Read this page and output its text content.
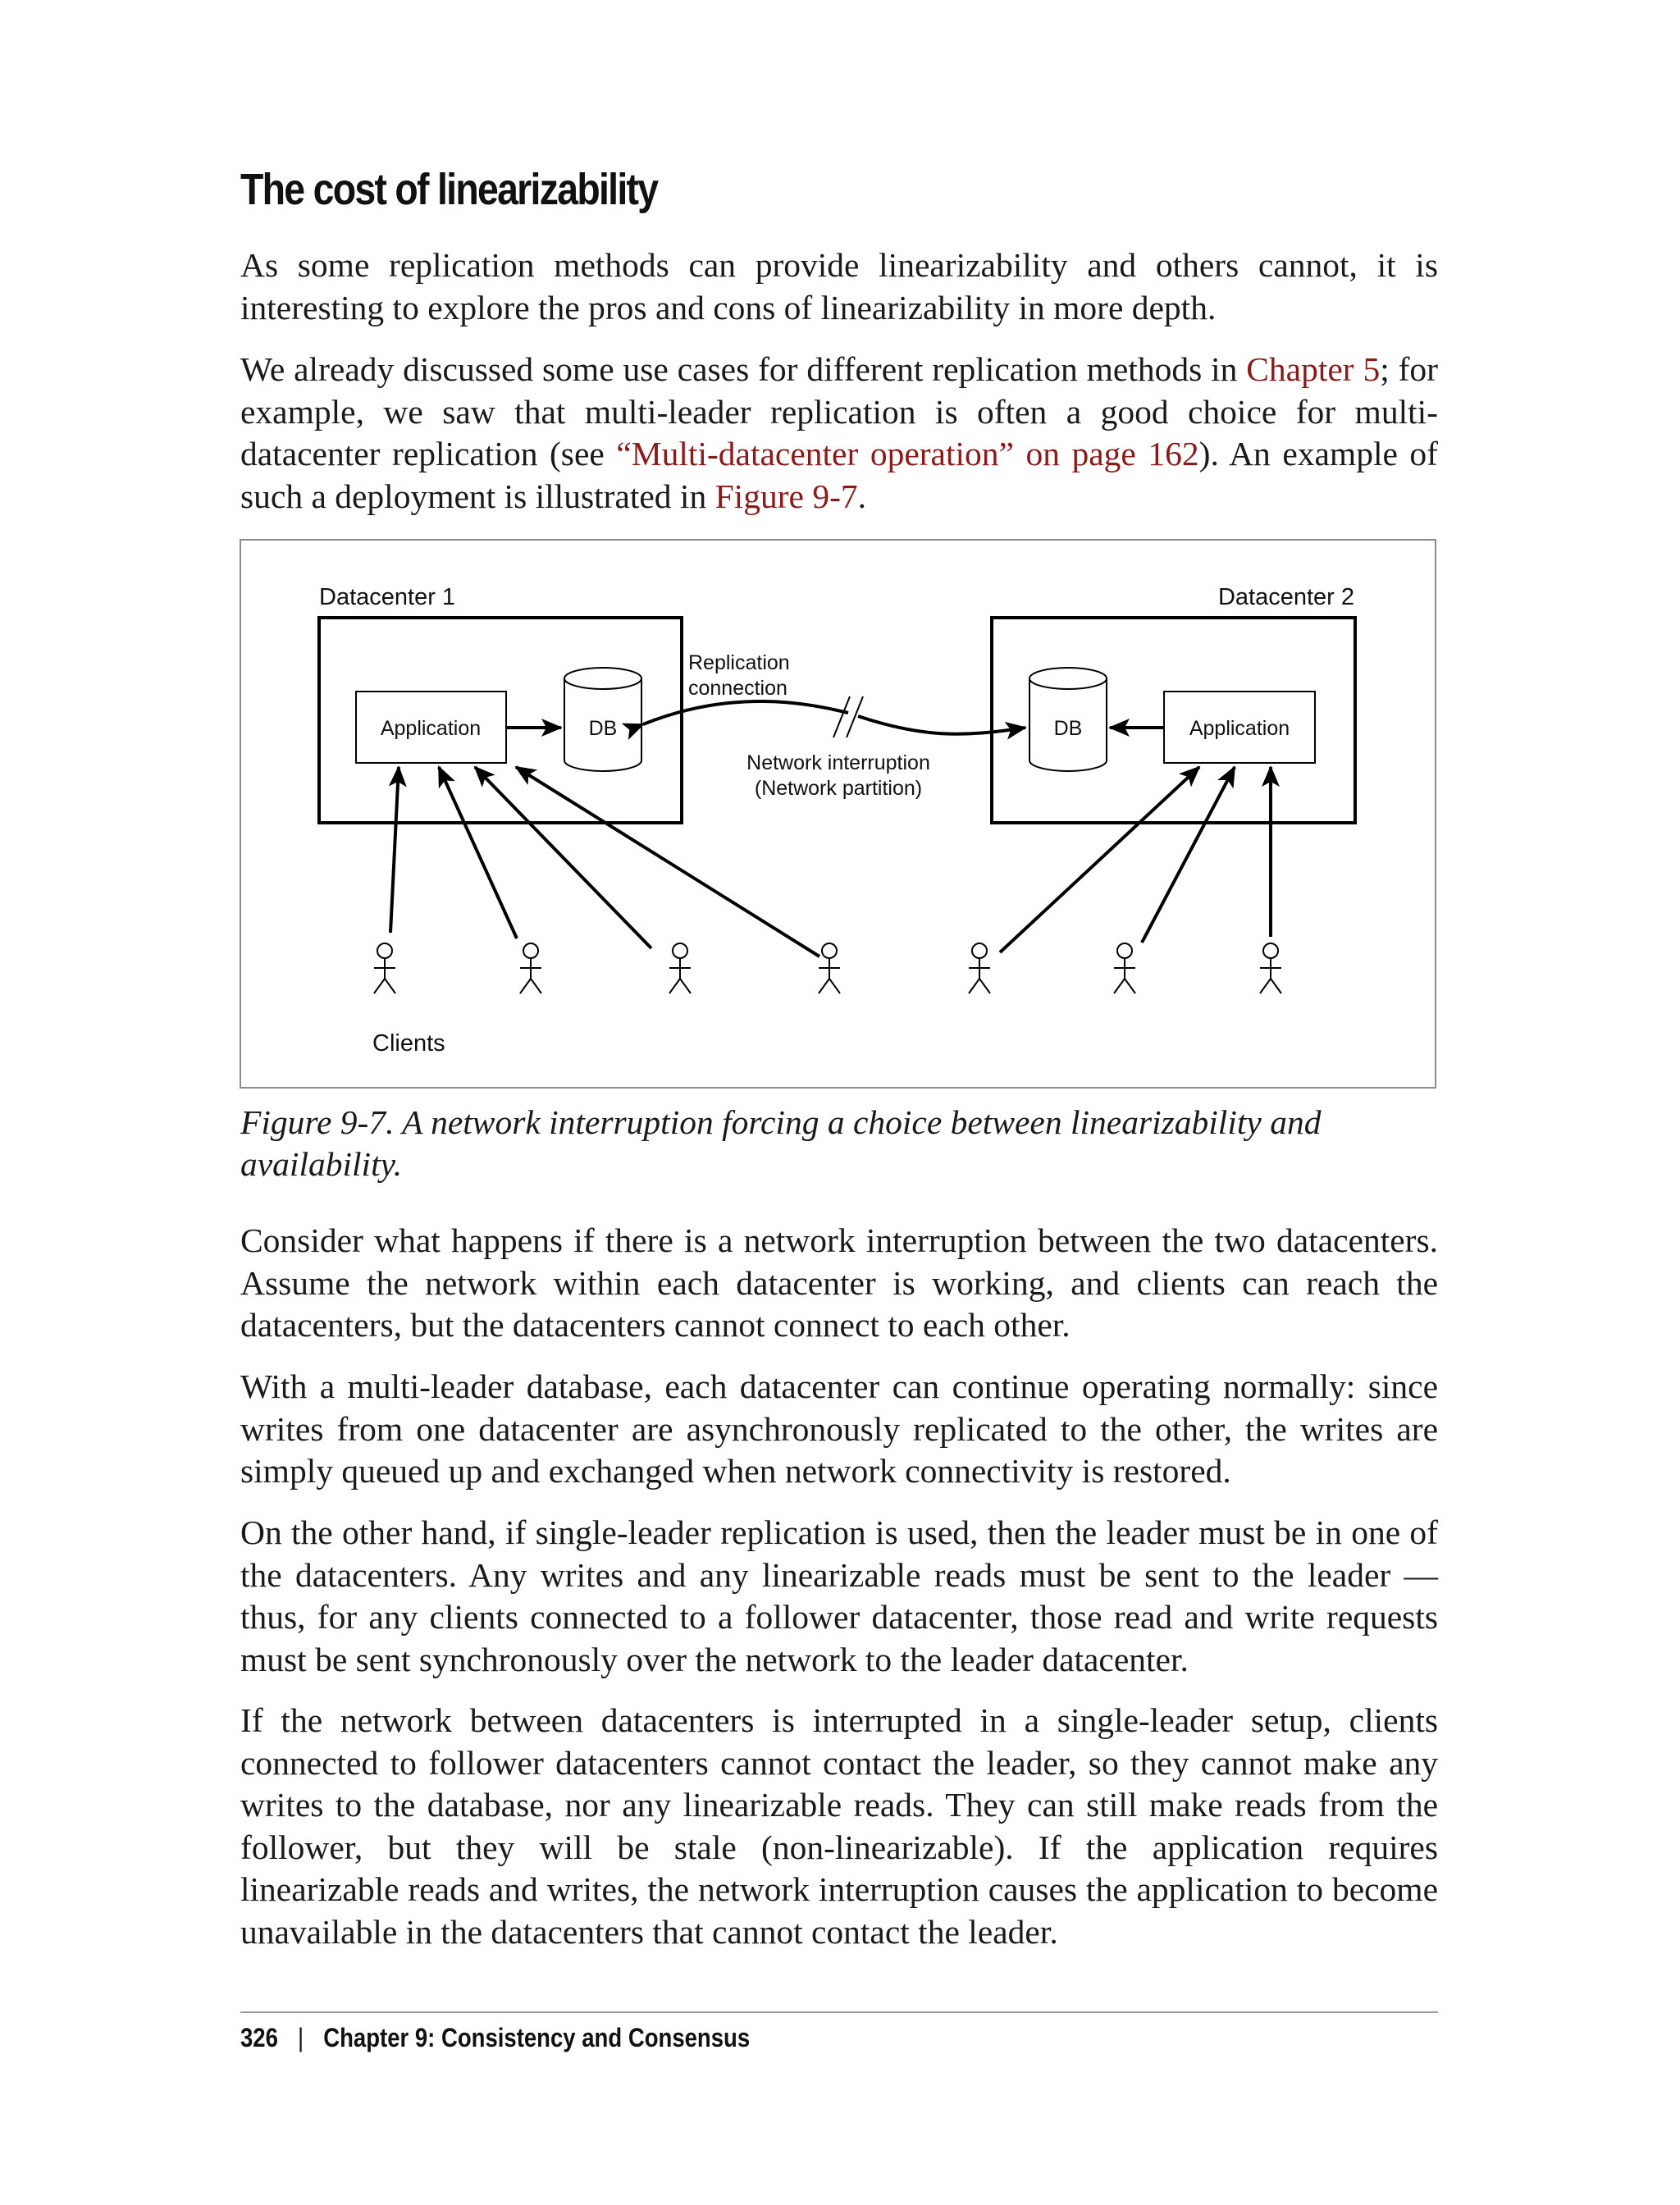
The cost of linearizability

As some replication methods can provide linearizability and others cannot, it is interesting to explore the pros and cons of linearizability in more depth.

We already discussed some use cases for different replication methods in Chapter 5; for example, we saw that multi-leader replication is often a good choice for multi-datacenter replication (see “Multi-datacenter operation” on page 162). An example of such a deployment is illustrated in Figure 9-7.

Datacenter 1	Datacenter 2
Application	Application
DB	DB
Replication
connection
Network interruption
(Network partition)
Clients

Figure 9-7. A network interruption forcing a choice between linearizability and availability.

Consider what happens if there is a network interruption between the two datacenters. Assume the network within each datacenter is working, and clients can reach the datacenters, but the datacenters cannot connect to each other.

With a multi-leader database, each datacenter can continue operating normally: since writes from one datacenter are asynchronously replicated to the other, the writes are simply queued up and exchanged when network connectivity is restored.

On the other hand, if single-leader replication is used, then the leader must be in one of the datacenters. Any writes and any linearizable reads must be sent to the leader — thus, for any clients connected to a follower datacenter, those read and write requests must be sent synchronously over the network to the leader datacenter.

If the network between datacenters is interrupted in a single-leader setup, clients connected to follower datacenters cannot contact the leader, so they cannot make any writes to the database, nor any linearizable reads. They can still make reads from the follower, but they will be stale (non-linearizable). If the application requires linearizable reads and writes, the network interruption causes the application to become unavailable in the datacenters that cannot contact the leader.

326 | Chapter 9: Consistency and Consensus
